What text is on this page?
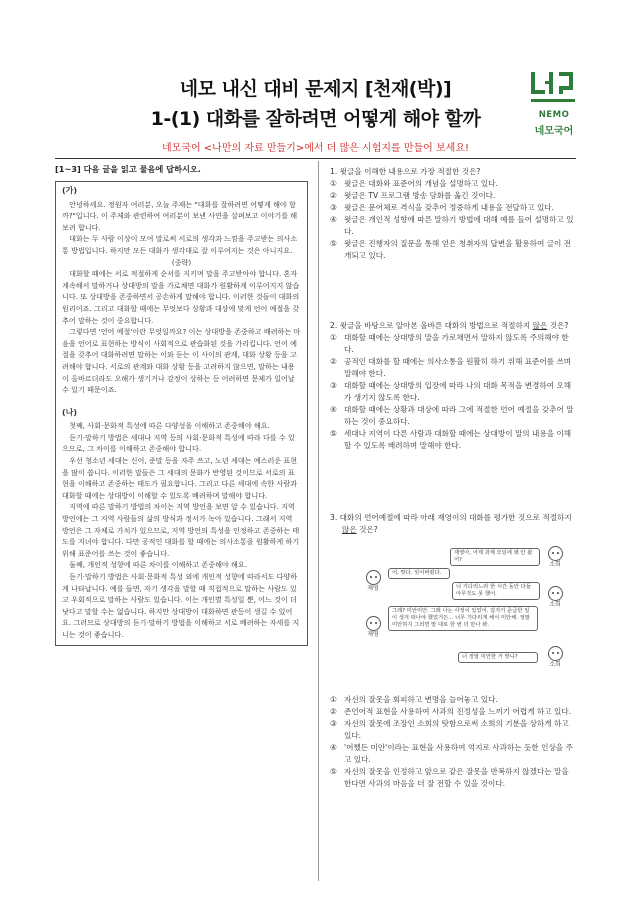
네모 내신 대비 문제지 [천재(박)]
1-(1) 대화를 잘하려면 어떻게 해야 할까
네모국어 <나만의 자료 만들기>에서 더 많은 시험지를 만들어 보세요!
NEMO
네모국어
[1~3] 다음 글을 읽고 물음에 답하시오.
(가)

안녕하세요. 정원자 여러분, 오늘 주제는 "대화를 잘하려면 어떻게 해야 할까?"입니다. 이 주제와 관련하여 여러분이 보낸 사연을 살펴보고 이야기를 해 보려 합니다.

대화는 두 사람 이상이 모여 말로써 서로의 생각과 느낌을 주고받는 의사소통 방법입니다. 하지만 모든 대화가 생각대로 잘 이루어지는 것은 아니지요.

(중략)

대화할 때에는 서로 적절하게 순서를 지키며 말을 주고받아야 합니다. 혼자 계속해서 말하거나 상대방의 말을 가로채면 대화가 원활하게 이루어지지 않습니다. 또 상대방을 존중하면서 공손하게 말해야 합니다. 이러한 것들이 대화의 원리이죠. 그리고 대화할 때에는 무엇보다 상황과 대상에 맞게 언어 예절을 갖추어 말하는 것이 중요합니다.

그렇다면 '언어 예절'이란 무엇일까요? 이는 상대방을 존중하고 배려하는 마음을 언어로 표현하는 방식이 사회적으로 관습화된 것을 가리킵니다. 언어 예절을 갖추어 대화하려면 말하는 이와 듣는 이 사이의 관계, 대화 상황 등을 고려해야 합니다. 서로의 관계와 대화 상황 등을 고려하지 않으면, 말하는 내용이 올바르더라도 오해가 생기거나 감정이 상하는 등 어려하면 문제가 일어날 수 있기 때문이죠.

(나)

첫째, 사회·문화적 특성에 따른 다양성을 이해하고 존중해야 해요.

듣기·말하기 방법은 세대나 지역 등의 사회·문화적 특성에 따라 다를 수 있으므로, 그 차이를 이해하고 존중해야 합니다.

우선 청소년 세대는 신어, 준말 등을 자주 쓰고, 노년 세대는 예스러운 표현을 많이 씁니다. 이러한 말들은 그 세대의 문화가 반영된 것이므로 서로의 표현을 이해하고 존중하는 태도가 필요합니다. 그리고 다른 세대에 속한 사람과 대화할 때에는 상대방이 이해할 수 있도록 배려하며 말해야 합니다.

지역에 따른 말하기 방법의 차이는 지역 방언을 보면 알 수 있습니다. 지역 방언에는 그 지역 사람들의 삶의 방식과 정서가 녹아 있습니다. 그래서 지역 방언은 그 자체로 가치가 있으므로, 지역 방언의 특성을 인정하고 존중하는 태도를 지녀야 합니다. 다만 공적인 대화를 할 때에는 의사소통을 원활하게 하기 위해 표준어를 쓰는 것이 좋습니다.

둘째, 개인적 성향에 따른 차이를 이해하고 존중해야 해요.

듣기·말하기 방법은 사회·문화적 특성 외에 개인적 성향에 따라서도 다양하게 나타납니다. 예를 들면, 자기 생각을 말할 때 직접적으로 말하는 사람도 있고 우회적으로 말하는 사람도 있습니다. 이는 개인별 특성일 뿐, 어느 것이 더 낫다고 말할 수는 없습니다. 하지만 상대방이 대화하면 관등이 생길 수 있어요. 그러므로 상대방의 듣기·말하기 방법을 이해하고 서로 배려하는 자세를 지니는 것이 좋습니다.

1. 윗글을 이해한 내용으로 가장 적절한 것은?
① 윗글은 대화와 표준어의 개념을 설명하고 있다.
② 윗글은 TV 프로그램 방송 담화를 옮긴 것이다.
③ 윗글은 문어체로 격식을 갖추어 정중하게 내용을 전달하고 있다.
④ 윗글은 개인적 성향에 따른 말하기 방법에 대해 예를 들어 설명하고 있다.
⑤ 윗글은 진행자의 질문을 통해 얻은 청취자의 답변을 활용하여 글이 전개되고 있다.
2. 윗글을 바탕으로 알아본 올바른 대화의 방법으로 적절하지 않은 것은?
① 대화할 때에는 상대방의 말을 가로채면서 말하지 않도록 주의해야 한다.
② 공적인 대화를 할 때에는 의사소통을 원활히 하기 위해 표준어를 쓰며 말해야 한다.
③ 대화할 때에는 상대방의 입장에 따라 나의 대화 목적을 변경하여 오해가 생기지 않도록 한다.
④ 대화할 때에는 상황과 대상에 따라 그에 적절한 언어 예절을 갖추어 말하는 것이 중요하다.
⑤ 세대나 지역이 다른 사람과 대화할 때에는 상대방이 말의 내용을 이해할 수 있도록 배려하며 말해야 한다.
3. 대화의 언어예절에 따라 아래 재영이의 대화를 평가한 것으로 적절하지 않은 것은?
소희
소희
소희
재영
재영
재영아, 어제 과제 모임에 왜 안 왔어?
어, 맞다. 잊어버렸다.
너 기다리느라 한 시간 동안 다들 아무것도 못 했어.
그래? 미안미안. 그래 나는 사정이 있었어. 갑자기 준급한 일이 생겨 떠나야 했었거든... 너무 기다리게 해서 미안해. 정말 미안하지 그러면 맘 대로 한 번 더 만나 봐.
너 정말 미안한 거 맞니?
① 자신의 잘못을 회피하고 변명을 늘어놓고 있다.
② 존언어적 표현을 사용하여 사과의 진정성을 느끼기 어렵게 하고 있다.
③ 자신의 잘못에 조장인 소희의 탓함으로써 소희의 기분을 상하게 하고 있다.
④ '어쨌든 미안'이라는 표현을 사용하여 억지로 사과하는 듯한 인상을 주고 있다.
⑤ 자신의 잘못을 인정하고 앞으로 같은 잘못을 반복하지 않겠다는 말을 한다면 사과의 마음을 더 잘 전할 수 있을 것이다.
